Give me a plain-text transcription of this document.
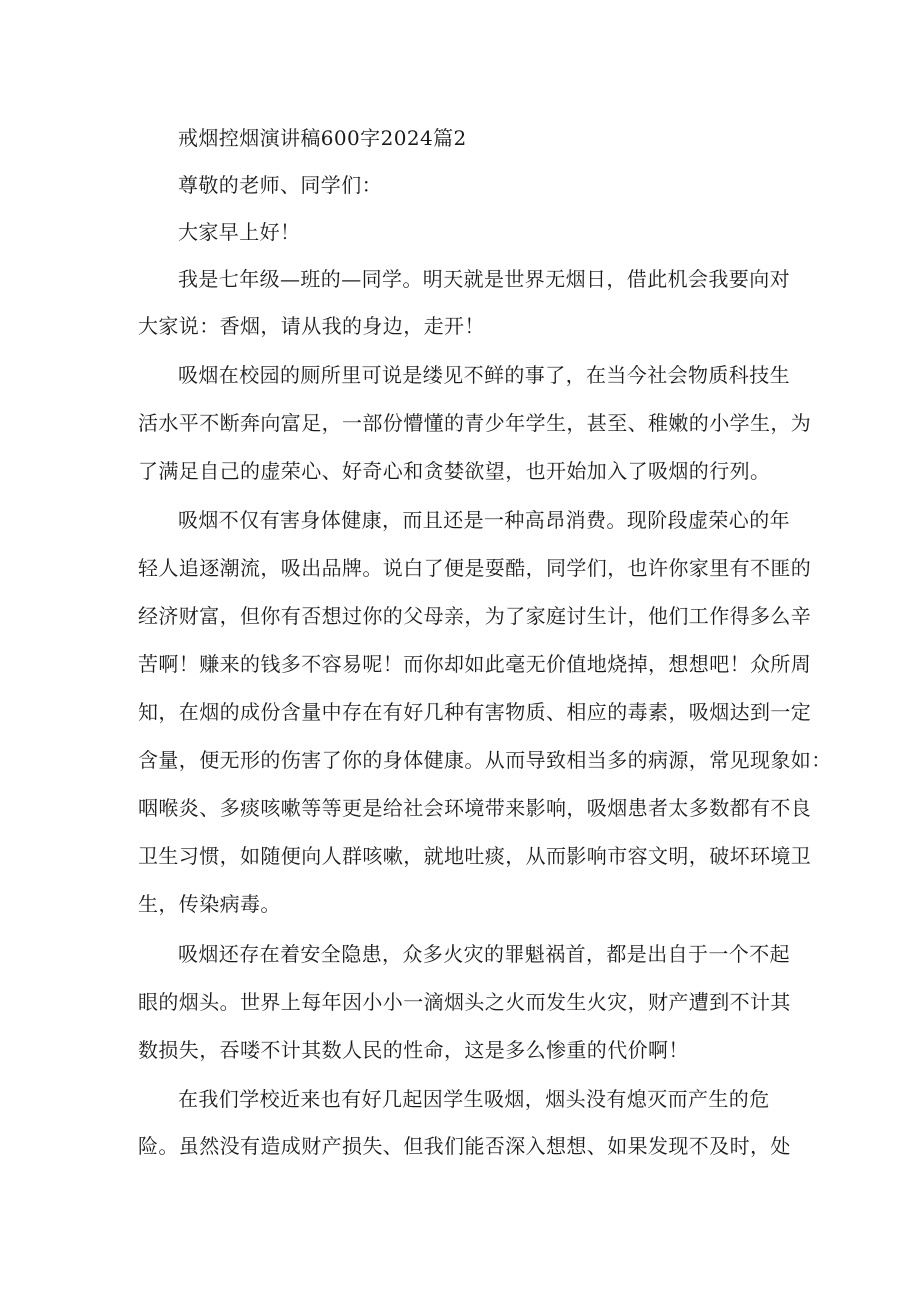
戒烟控烟演讲稿600字2024篇2
尊敬的老师、同学们：
大家早上好！
我是七年级—班的—同学。明天就是世界无烟日，借此机会我要向对
大家说：香烟，请从我的身边，走开！
吸烟在校园的厕所里可说是缕见不鲜的事了，在当今社会物质科技生
活水平不断奔向富足，一部份懵懂的青少年学生，甚至、稚嫩的小学生，为
了满足自己的虚荣心、好奇心和贪婪欲望，也开始加入了吸烟的行列。
吸烟不仅有害身体健康，而且还是一种高昂消费。现阶段虚荣心的年
轻人追逐潮流，吸出品牌。说白了便是耍酷，同学们，也许你家里有不匪的
经济财富，但你有否想过你的父母亲，为了家庭讨生计，他们工作得多么辛
苦啊！赚来的钱多不容易呢！而你却如此毫无价值地烧掉，想想吧！众所周
知，在烟的成份含量中存在有好几种有害物质、相应的毒素，吸烟达到一定
含量，便无形的伤害了你的身体健康。从而导致相当多的病源，常见现象如：
咽喉炎、多痰咳嗽等等更是给社会环境带来影响，吸烟患者太多数都有不良
卫生习惯，如随便向人群咳嗽，就地吐痰，从而影响市容文明，破坏环境卫
生，传染病毒。
吸烟还存在着安全隐患，众多火灾的罪魁祸首，都是出自于一个不起
眼的烟头。世界上每年因小小一滴烟头之火而发生火灾，财产遭到不计其
数损失，吞喽不计其数人民的性命，这是多么惨重的代价啊！
在我们学校近来也有好几起因学生吸烟，烟头没有熄灭而产生的危
险。虽然没有造成财产损失、但我们能否深入想想、如果发现不及时，处
